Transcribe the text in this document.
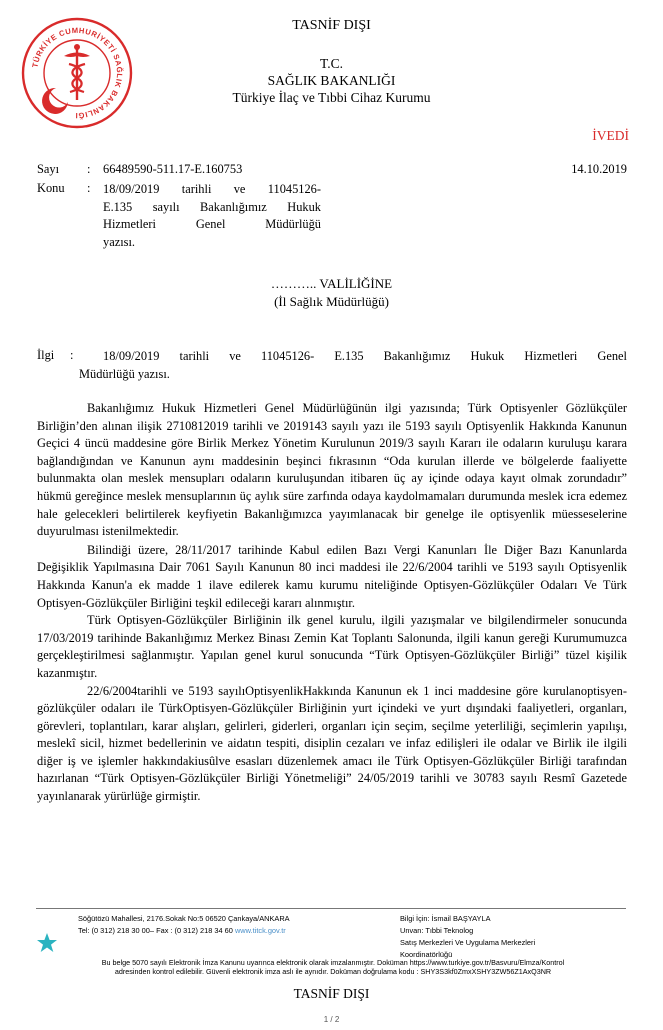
TÜRKİYE CUMHURİYETİ SAĞLIK BAKANLIĞI
TASNİF DIŞI
T.C.
SAĞLIK BAKANLIĞI
Türkiye İlaç ve Tıbbi Cihaz Kurumu
İVEDİ
Sayı : 66489590-511.17-E.160753	14.10.2019
Konu : 18/09/2019 tarihli ve 11045126-
E.135 sayılı Bakanlığımız Hukuk
Hizmetleri Genel Müdürlüğü
yazısı.
……….. VALİLİĞİNE
(İl Sağlık Müdürlüğü)
İlgi :	18/09/2019 tarihli ve 11045126- E.135 Bakanlığımız Hukuk Hizmetleri Genel
Müdürlüğü yazısı.
Bakanlığımız Hukuk Hizmetleri Genel Müdürlüğünün ilgi yazısında; Türk Optisyenler Gözlükçüler Birliğin’den alınan ilişik 2710812019 tarihli ve 2019143 sayılı yazı ile 5193 sayılı Optisyenlik Hakkında Kanunun Geçici 4 üncü maddesine göre Birlik Merkez Yönetim Kurulunun 2019/3 sayılı Kararı ile odaların kuruluşu karara bağlandığından ve Kanunun aynı maddesinin beşinci fıkrasının “Oda kurulan illerde ve bölgelerde faaliyette bulunmakta olan meslek mensupları odaların kuruluşundan itibaren üç ay içinde odaya kayıt olmak zorundadır” hükmü gereğince meslek mensuplarının üç aylık süre zarfında odaya kaydolmamaları durumunda meslek icra edemez hale gelecekleri belirtilerek keyfiyetin Bakanlığımızca yayımlanacak bir genelge ile optisyenlik müesseselerine duyurulması istenilmektedir.
Bilindiği üzere, 28/11/2017 tarihinde Kabul edilen Bazı Vergi Kanunları İle Diğer Bazı Kanunlarda Değişiklik Yapılmasına Dair 7061 Sayılı Kanunun 80 inci maddesi ile 22/6/2004 tarihli ve 5193 sayılı Optisyenlik Hakkında Kanun'a ek madde 1 ilave edilerek kamu kurumu niteliğinde Optisyen-Gözlükçüler Odaları Ve Türk Optisyen-Gözlükçüler Birliğini teşkil edileceği kararı alınmıştır.
Türk Optisyen-Gözlükçüler Birliğinin ilk genel kurulu, ilgili yazışmalar ve bilgilendirmeler sonucunda 17/03/2019 tarihinde Bakanlığımız Merkez Binası Zemin Kat Toplantı Salonunda, ilgili kanun gereği Kurumumuzca gerçekleştirilmesi sağlanmıştır. Yapılan genel kurul sonucunda “Türk Optisyen-Gözlükçüler Birliği” tüzel kişilik kazanmıştır.
22/6/2004tarihli ve 5193 sayılıOptisyenlikHakkında Kanunun ek 1 inci maddesine göre kurulanoptisyen-gözlükçüler odaları ile TürkOptisyen-Gözlükçüler Birliğinin yurt içindeki ve yurt dışındaki faaliyetleri, organları, görevleri, toplantıları, karar alışları, gelirleri, giderleri, organları için seçim, seçilme yeterliliği, seçimlerin yapılışı, meslekî sicil, hizmet bedellerinin ve aidatın tespiti, disiplin cezaları ve infaz edilişleri ile odalar ve Birlik ile ilgili diğer iş ve işlemler hakkındakiusûlve esasları düzenlemek amacı ile Türk Optisyen-Gözlükçüler Birliği tarafından hazırlanan “Türk Optisyen-Gözlükçüler Birliği Yönetmeliği” 24/05/2019 tarihli ve 30783 sayılı Resmî Gazetede yayınlanarak yürürlüğe girmiştir.
Söğütözü Mahallesi, 2176.Sokak No:5 06520 Çankaya/ANKARA
Tel: (0 312) 218 30 00– Fax : (0 312) 218 34 60 www.titck.gov.tr
Bilgi İçin: İsmail BAŞYAYLA
Unvan: Tıbbi Teknolog
Satış Merkezleri Ve Uygulama Merkezleri
Koordinatörlüğü
Bu belge 5070 sayılı Elektronik İmza Kanunu uyarınca elektronik olarak imzalanmıştır. Doküman https://www.turkiye.gov.tr/Basvuru/Elmza/Kontrol
adresinden kontrol edilebilir. Güvenli elektronik imza aslı ile aynıdır. Doküman doğrulama kodu : SHY3S3kf0ZmxXSHY3ZW56Z1AxQ3NR
TASNİF DIŞI
1 / 2
